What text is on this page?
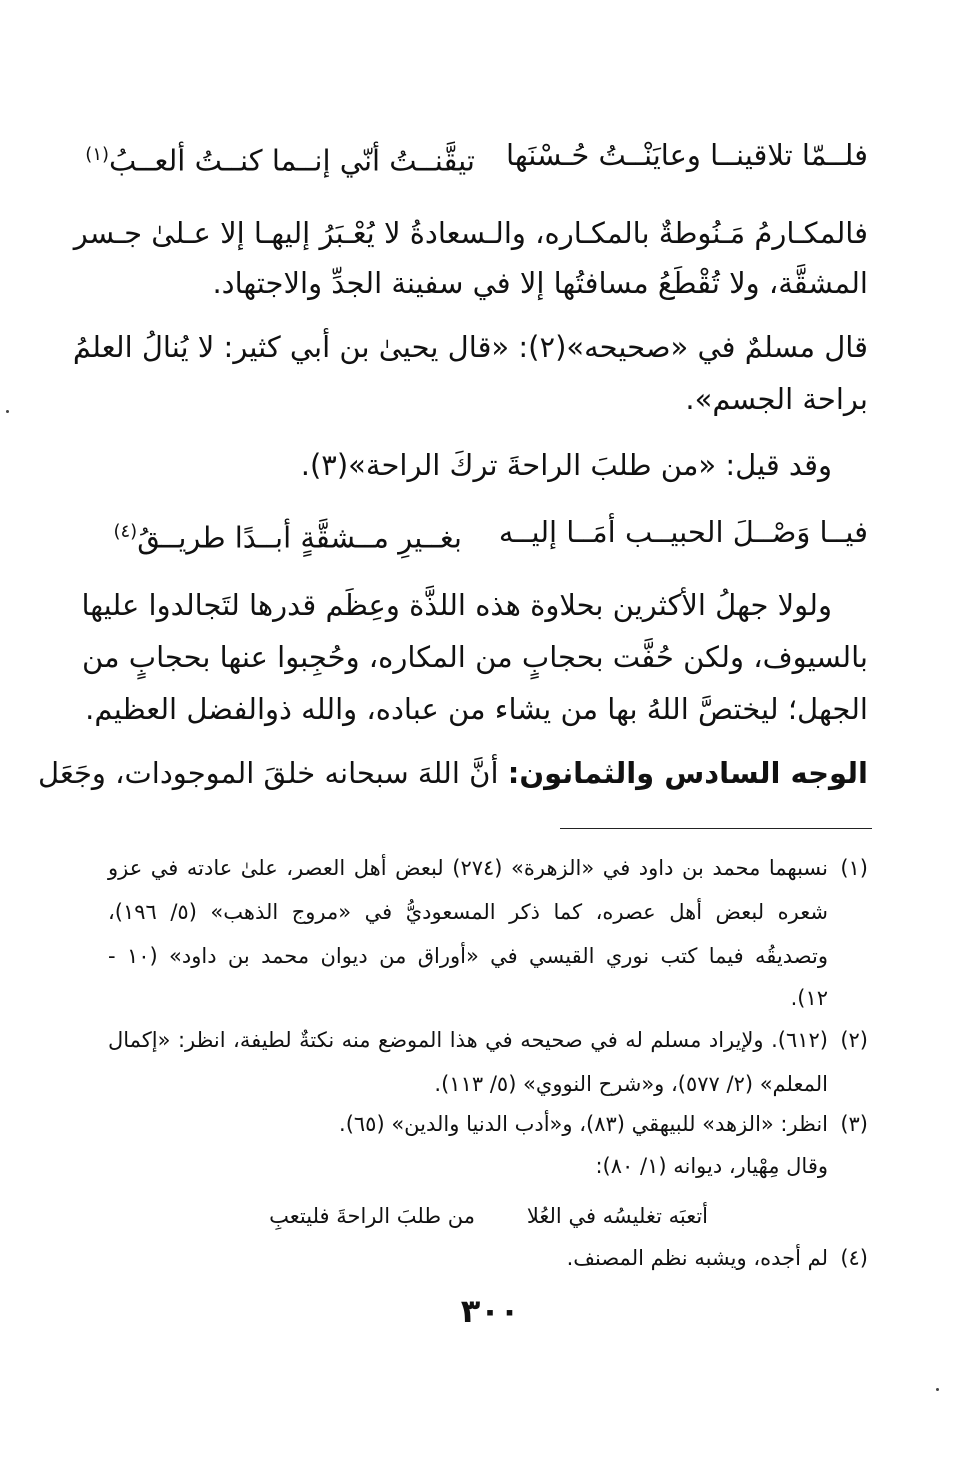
فلــمّا تلاقينــا وعايَنْــتُ حُـسْنَها
تيقَّنــتُ أنّي إنــما كنــتُ ألعــبُ$^{(١)}$
فالمكـارمُ مَـنُوطةٌ بالمكـاره، والـسعادةُ لا يُعْـبَرُ إليهـا إلا عـلىٰ جـسر
المشقَّة، ولا تُقْطَعُ مسافتُها إلا في سفينة الجدِّ والاجتهاد.
قال مسلمٌ في «صحيحه»(٢): «قال يحيىٰ بن أبي كثير: لا يُنالُ العلمُ
براحة الجسم».
وقد قيل: «من طلبَ الراحةَ تركَ الراحة»(٣).
فيــا وَصْــلَ الحبيــب أمَــا إليــه
بغــيرِ مــشقَّةٍ أبــدًا طريــقُ$^{(٤)}$
ولولا جهلُ الأكثرين بحلاوة هذه اللذَّة وعِظَم قدرها لتَجالدوا عليها
بالسيوف، ولكن حُفَّت بحجابٍ من المكاره، وحُجِبوا عنها بحجابٍ من
الجهل؛ ليختصَّ اللهُ بها من يشاء من عباده، والله ذوالفضل العظيم.
الوجه السادس والثمانون: أنَّ اللهَ سبحانه خلقَ الموجودات، وجَعَل
(١)
نسبهما محمد بن داود في «الزهرة» (٢٧٤) لبعض أهل العصر، علىٰ عادته في عزو
شعره لبعض أهل عصره، كما ذكر المسعوديُّ في «مروج الذهب» (٥/ ١٩٦)،
وتصديقُه فيما كتب نوري القيسي في «أوراق من ديوان محمد بن داود» (١٠ -
١٢).
(٢)
(٦١٢). ولإيراد مسلم له في صحيحه في هذا الموضع منه نكتةٌ لطيفة، انظر: «إكمال
المعلم» (٢/ ٥٧٧)، و«شرح النووي» (٥/ ١١٣).
(٣)
انظر: «الزهد» للبيهقي (٨٣)، و«أدب الدنيا والدين» (٦٥).
وقال مِهْيار، ديوانه (١/ ٨٠):
أتعبَه تغليسُه في العُلا
من طلبَ الراحةَ فليتعبِ
(٤)
لم أجده، ويشبه نظم المصنف.
٣٠٠
